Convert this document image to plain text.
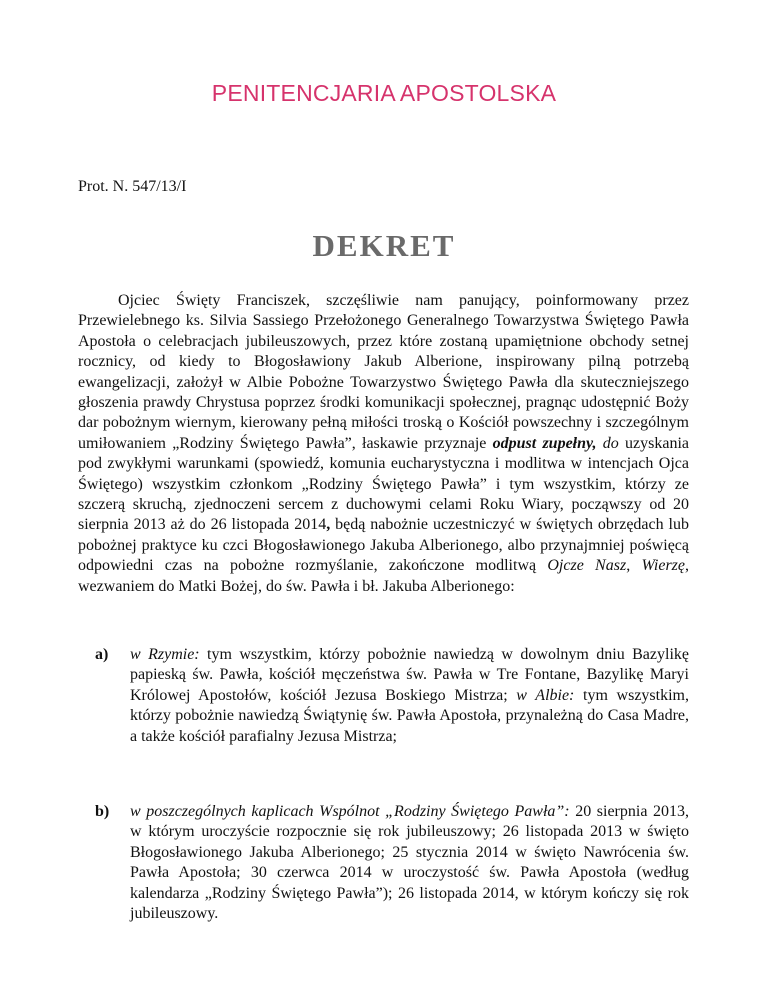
PENITENCJARIA APOSTOLSKA
Prot. N. 547/13/I
DEKRET

Ojciec Święty Franciszek, szczęśliwie nam panujący, poinformowany przez Przewielebnego ks. Silvia Sassiego Przełożonego Generalnego Towarzystwa Świętego Pawła Apostoła o celebracjach jubileuszowych, przez które zostaną upamiętnione obchody setnej rocznicy, od kiedy to Błogosławiony Jakub Alberione, inspirowany pilną potrzebą ewangelizacji, założył w Albie Pobożne Towarzystwo Świętego Pawła dla skuteczniejszego głoszenia prawdy Chrystusa poprzez środki komunikacji społecznej, pragnąc udostępnić Boży dar pobożnym wiernym, kierowany pełną miłości troską o Kościół powszechny i szczególnym umiłowaniem „Rodziny Świętego Pawła”, łaskawie przyznaje odpust zupełny, do uzyskania pod zwykłymi warunkami (spowiedź, komunia eucharystyczna i modlitwa w intencjach Ojca Świętego) wszystkim członkom „Rodziny Świętego Pawła” i tym wszystkim, którzy ze szczerą skruchą, zjednoczeni sercem z duchowymi celami Roku Wiary, począwszy od 20 sierpnia 2013 aż do 26 listopada 2014, będą nabożnie uczestniczyć w świętych obrzędach lub pobożnej praktyce ku czci Błogosławionego Jakuba Alberionego, albo przynajmniej poświęcą odpowiedni czas na pobożne rozmyślanie, zakończone modlitwą Ojcze Nasz, Wierzę, wezwaniem do Matki Bożej, do św. Pawła i bł. Jakuba Alberionego:

a)	w Rzymie: tym wszystkim, którzy pobożnie nawiedzą w dowolnym dniu Bazylikę papieską św. Pawła, kościół męczeństwa św. Pawła w Tre Fontane, Bazylikę Maryi Królowej Apostołów, kościół Jezusa Boskiego Mistrza; w Albie: tym wszystkim, którzy pobożnie nawiedzą Świątynię św. Pawła Apostoła, przynależną do Casa Madre, a także kościół parafialny Jezusa Mistrza;
b)	w poszczególnych kaplicach Wspólnot „Rodziny Świętego Pawła”: 20 sierpnia 2013, w którym uroczyście rozpocznie się rok jubileuszowy; 26 listopada 2013 w święto Błogosławionego Jakuba Alberionego; 25 stycznia 2014 w święto Nawrócenia św. Pawła Apostoła; 30 czerwca 2014 w uroczystość św. Pawła Apostoła (według kalendarza „Rodziny Świętego Pawła”); 26 listopada 2014, w którym kończy się rok jubileuszowy.
